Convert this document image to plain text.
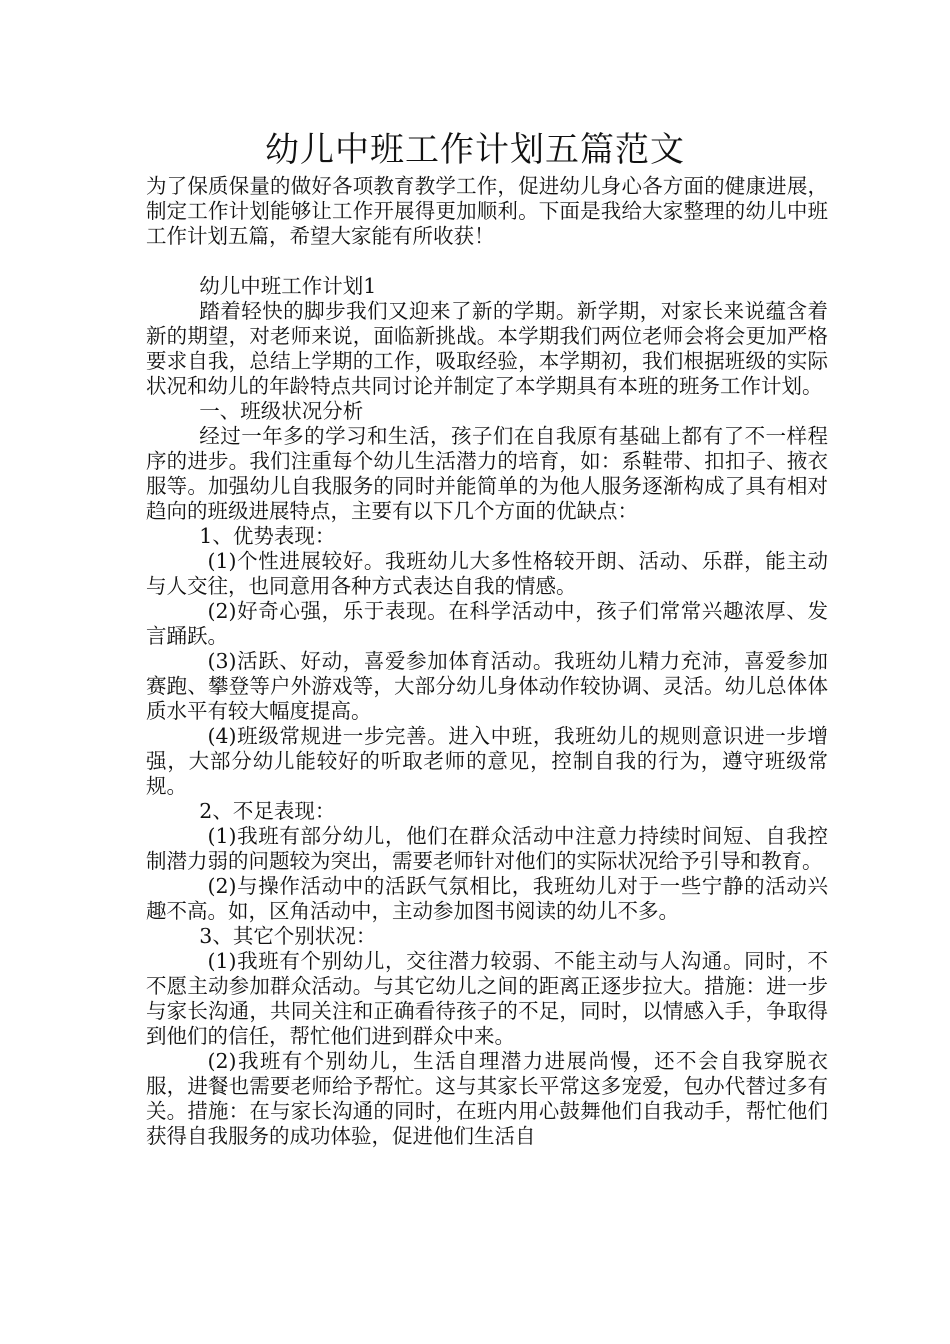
幼儿中班工作计划五篇范文

为了保质保量的做好各项教育教学工作，促进幼儿身心各方面的健康进展，制定工作计划能够让工作开展得更加顺利。下面是我给大家整理的幼儿中班工作计划五篇，希望大家能有所收获！

幼儿中班工作计划1

踏着轻快的脚步我们又迎来了新的学期。新学期，对家长来说蕴含着新的期望，对老师来说，面临新挑战。本学期我们两位老师会将会更加严格要求自我，总结上学期的工作，吸取经验，本学期初，我们根据班级的实际状况和幼儿的年龄特点共同讨论并制定了本学期具有本班的班务工作计划。

一、班级状况分析

经过一年多的学习和生活，孩子们在自我原有基础上都有了不一样程序的进步。我们注重每个幼儿生活潜力的培育，如：系鞋带、扣扣子、掖衣服等。加强幼儿自我服务的同时并能简单的为他人服务逐渐构成了具有相对趋向的班级进展特点，主要有以下几个方面的优缺点：

1、优势表现：

(1)个性进展较好。我班幼儿大多性格较开朗、活动、乐群，能主动与人交往，也同意用各种方式表达自我的情感。

(2)好奇心强，乐于表现。在科学活动中，孩子们常常兴趣浓厚、发言踊跃。

(3)活跃、好动，喜爱参加体育活动。我班幼儿精力充沛，喜爱参加赛跑、攀登等户外游戏等，大部分幼儿身体动作较协调、灵活。幼儿总体体质水平有较大幅度提高。

(4)班级常规进一步完善。进入中班，我班幼儿的规则意识进一步增强，大部分幼儿能较好的听取老师的意见，控制自我的行为，遵守班级常规。

2、不足表现：

(1)我班有部分幼儿，他们在群众活动中注意力持续时间短、自我控制潜力弱的问题较为突出，需要老师针对他们的实际状况给予引导和教育。

(2)与操作活动中的活跃气氛相比，我班幼儿对于一些宁静的活动兴趣不高。如，区角活动中，主动参加图书阅读的幼儿不多。

3、其它个别状况：

(1)我班有个别幼儿，交往潜力较弱、不能主动与人沟通。同时，不不愿主动参加群众活动。与其它幼儿之间的距离正逐步拉大。措施：进一步与家长沟通，共同关注和正确看待孩子的不足，同时，以情感入手，争取得到他们的信任，帮忙他们进到群众中来。

(2)我班有个别幼儿，生活自理潜力进展尚慢，还不会自我穿脱衣服，进餐也需要老师给予帮忙。这与其家长平常这多宠爱，包办代替过多有关。措施：在与家长沟通的同时，在班内用心鼓舞他们自我动手，帮忙他们获得自我服务的成功体验，促进他们生活自
